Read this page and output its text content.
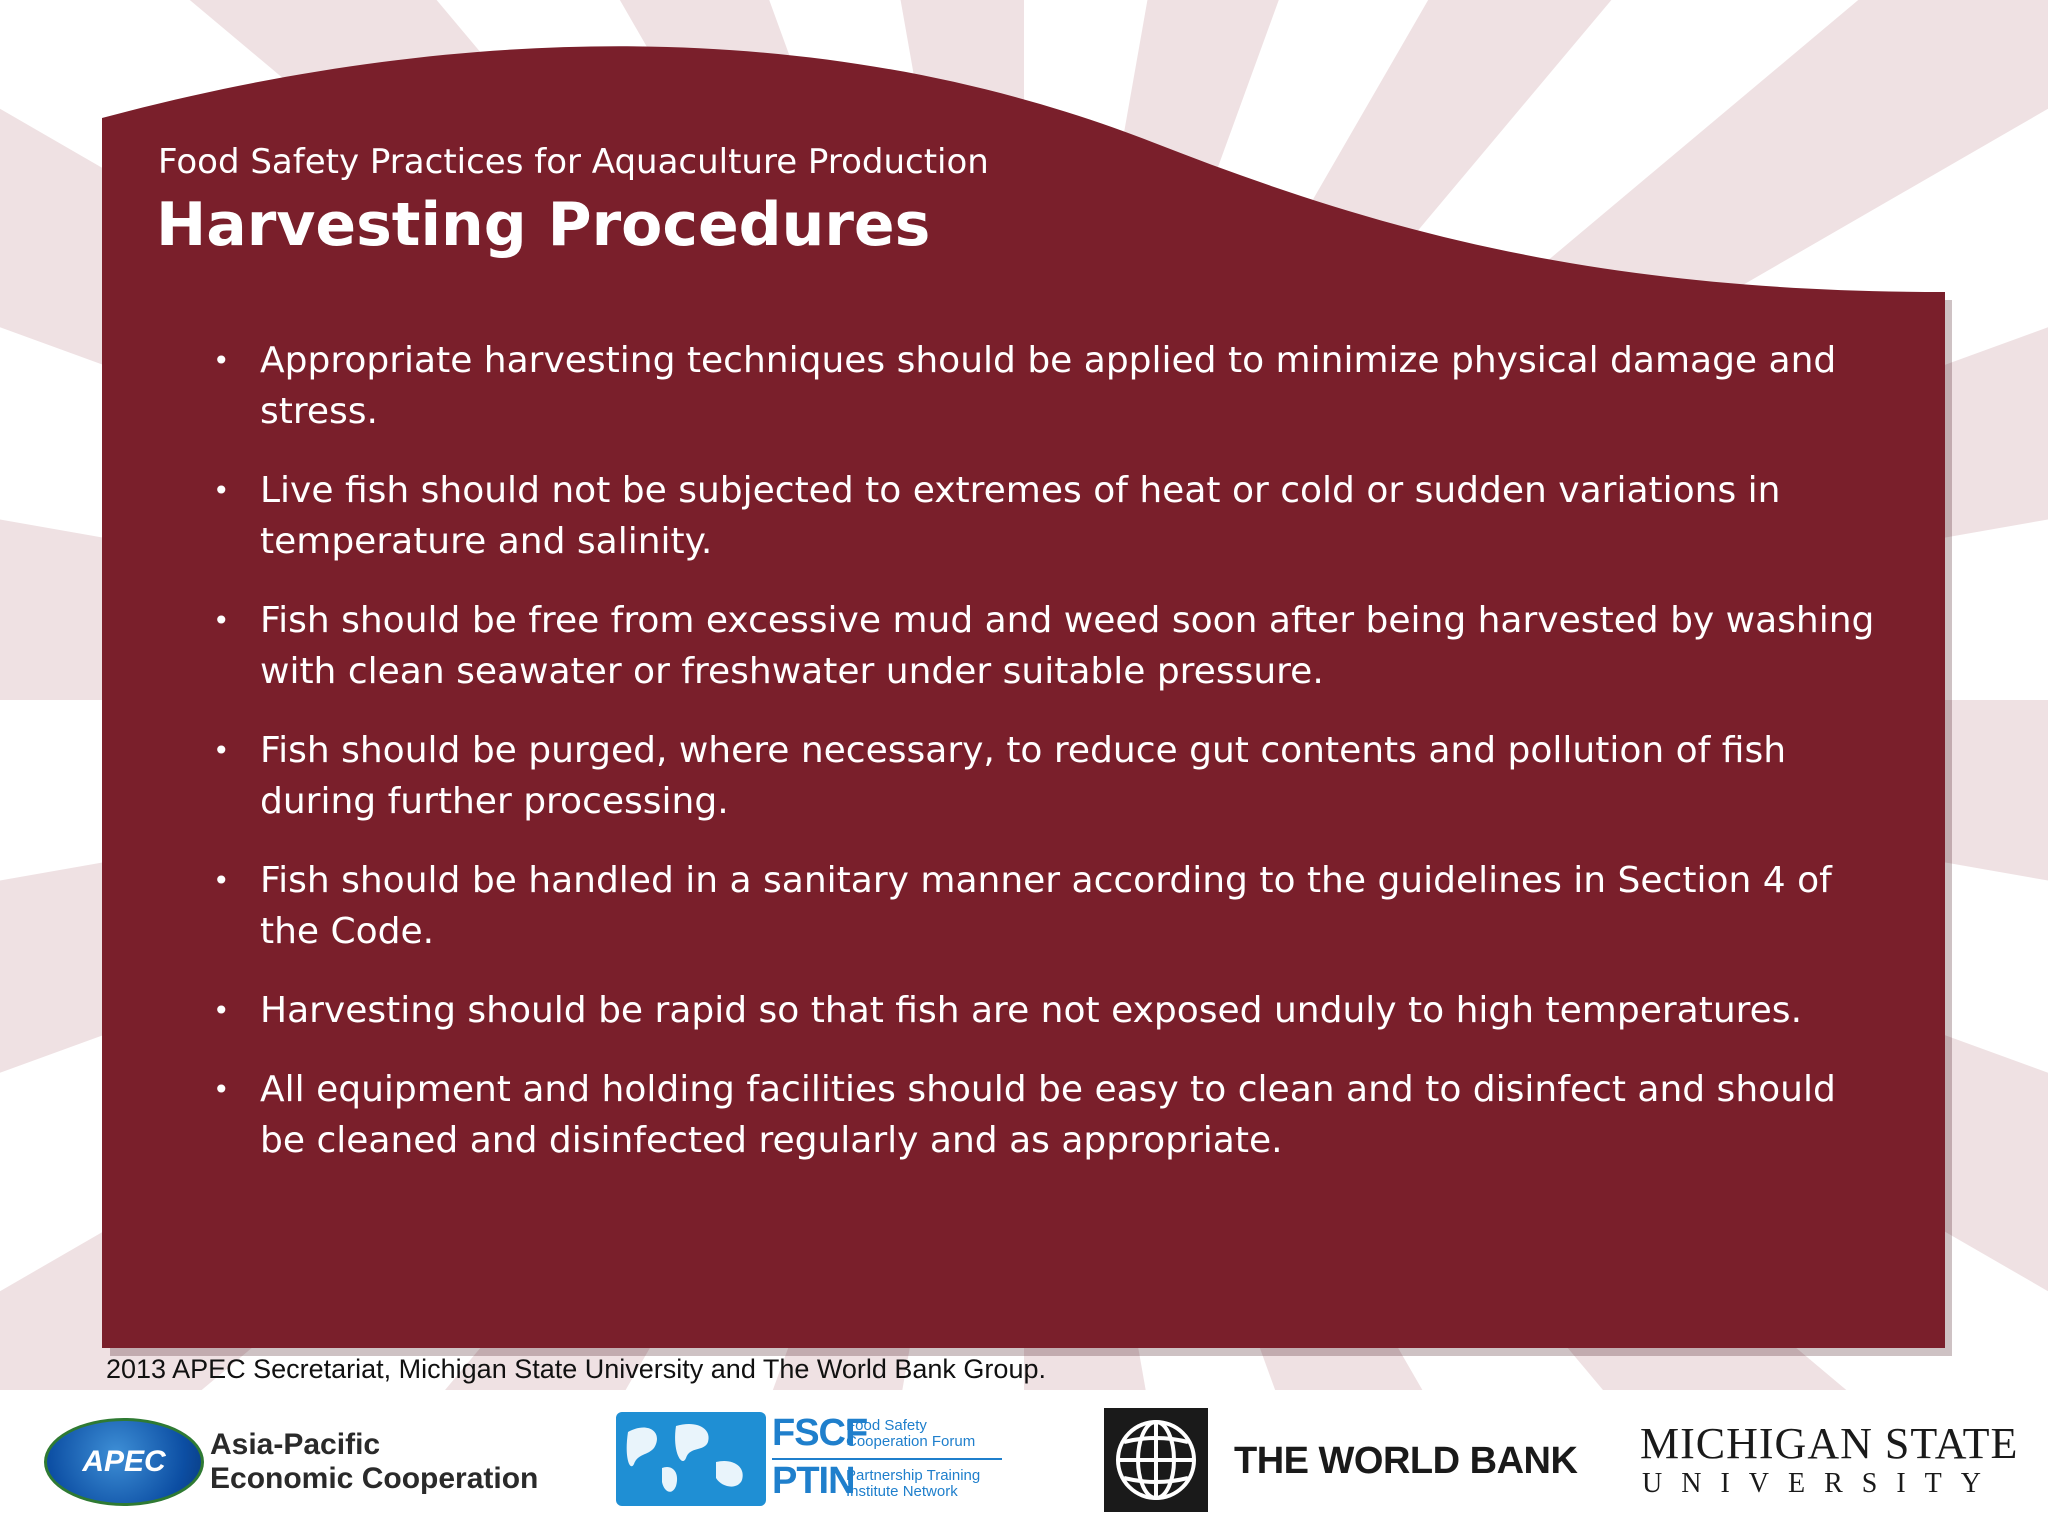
Food Safety Practices for Aquaculture Production
Harvesting Procedures
• Appropriate harvesting techniques should be applied to minimize physical damage and stress.
• Live fish should not be subjected to extremes of heat or cold or sudden variations in temperature and salinity.
• Fish should be free from excessive mud and weed soon after being harvested by washing with clean seawater or freshwater under suitable pressure.
• Fish should be purged, where necessary, to reduce gut contents and pollution of fish during further processing.
• Fish should be handled in a sanitary manner according to the guidelines in Section 4 of the Code.
• Harvesting should be rapid so that fish are not exposed unduly to high temperatures.
• All equipment and holding facilities should be easy to clean and to disinfect and should be cleaned and disinfected regularly and as appropriate.
2013 APEC Secretariat, Michigan State University and The World Bank Group.
APEC
Asia-Pacific
Economic Cooperation
FSCF
Food Safety
Cooperation Forum
PTIN
Partnership Training
Institute Network
THE WORLD BANK MICHIGAN STATE
UNIVERSITY
